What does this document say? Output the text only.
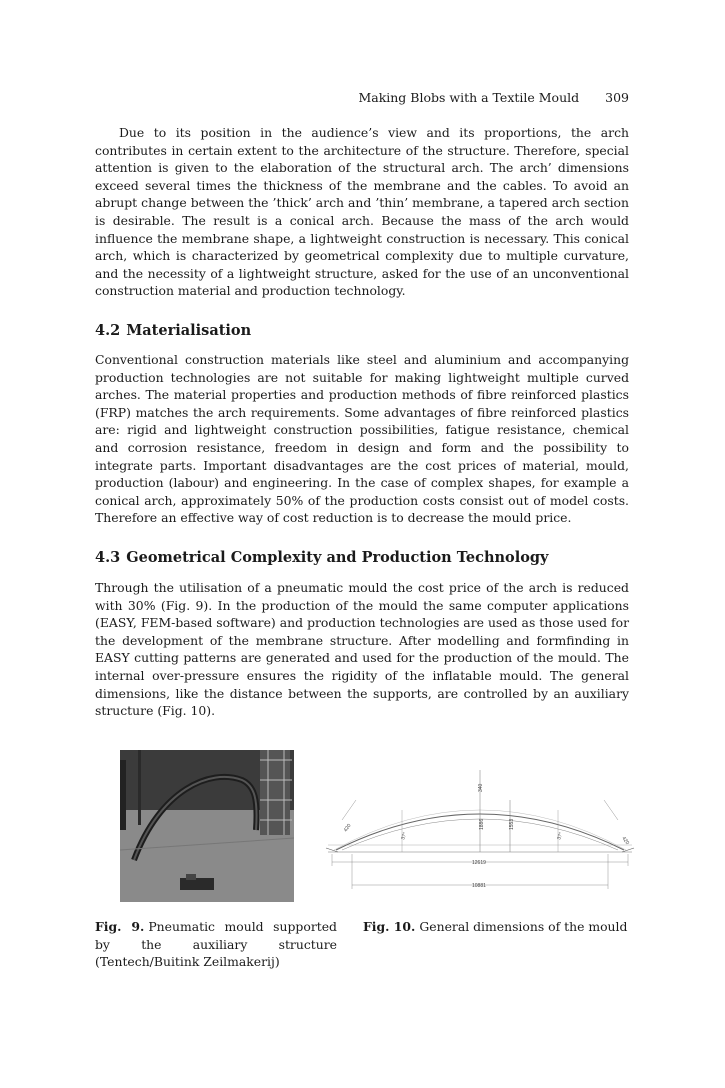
Making Blobs with a Textile Mould 309

Due to its position in the audience’s view and its proportions, the arch contributes in certain extent to the architecture of the structure. Therefore, special attention is given to the elaboration of the structural arch. The arch’ dimensions exceed several times the thickness of the membrane and the cables. To avoid an abrupt change between the ’thick’ arch and ’thin’ membrane, a tapered arch section is desirable. The result is a conical arch. Because the mass of the arch would influence the membrane shape, a lightweight construction is necessary. This conical arch, which is characterized by geometrical complexity due to multiple curvature, and the necessity of a lightweight structure, asked for the use of an unconventional construction material and production technology.

4.2 Materialisation

Conventional construction materials like steel and aluminium and accompanying production technologies are not suitable for making lightweight multiple curved arches. The material properties and production methods of fibre reinforced plastics (FRP) matches the arch requirements. Some advantages of fibre reinforced plastics are: rigid and lightweight construction possibilities, fatigue resistance, chemical and corrosion resistance, freedom in design and form and the possibility to integrate parts. Important disadvantages are the cost prices of material, mould, production (labour) and engineering. In the case of complex shapes, for example a conical arch, approximately 50% of the production costs consist out of model costs. Therefore an effective way of cost reduction is to decrease the mould price.

4.3 Geometrical Complexity and Production Technology

Through the utilisation of a pneumatic mould the cost price of the arch is reduced with 30% (Fig. 9). In the production of the mould the same computer applications (EASY, FEM-based software) and production technologies are used as those used for the development of the membrane structure. After modelling and formfinding in EASY cutting patterns are generated and used for the production of the mould. The internal over-pressure ensures the rigidity of the inflatable mould. The general dimensions, like the distance between the supports, are controlled by an auxiliary structure (Fig. 10).

Fig. 9. Pneumatic mould supported by the auxiliary structure (Tentech/Buitink Zeilmakerij)
Fig. 10. General dimensions of the mould
340
1886	1553
420
420
37°	37°
12619
10881
